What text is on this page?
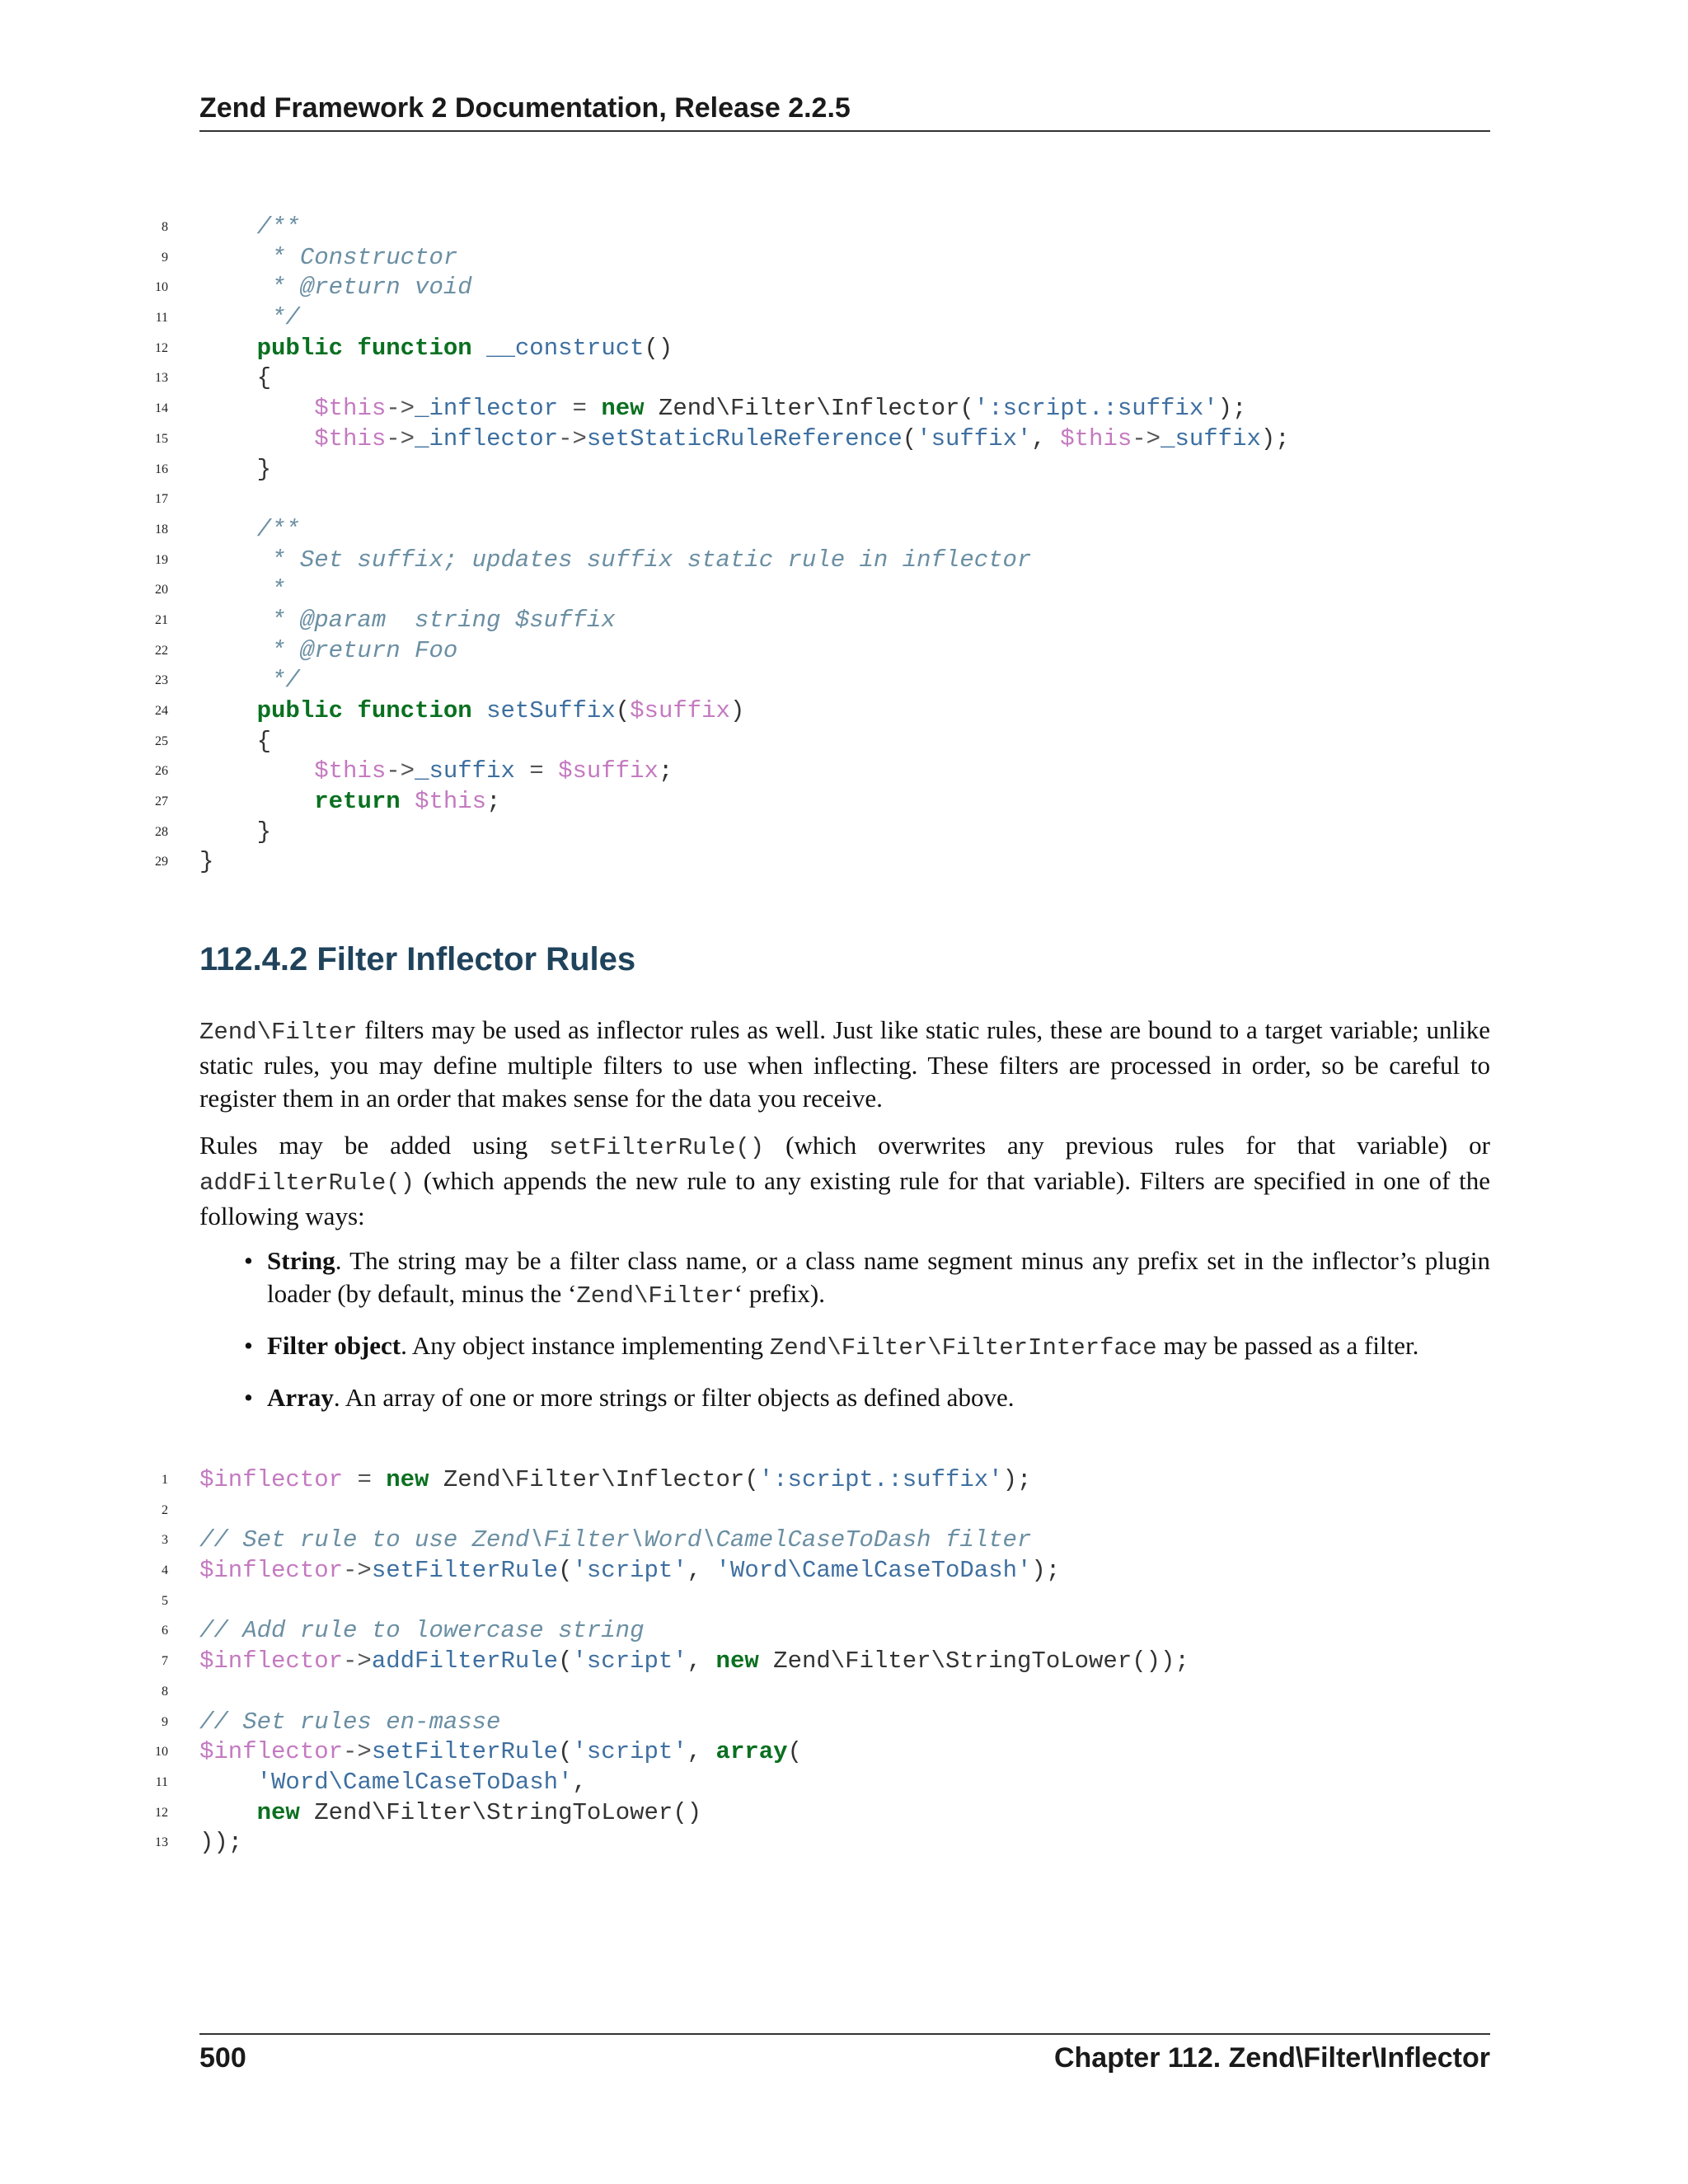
Zend Framework 2 Documentation, Release 2.2.5
8 /**
9 * Constructor
10 * @return void
11 */
12	public function __construct()
13 {
14	$this->_inflector = new Zend\Filter\Inflector(':script.:suffix');
15	$this->_inflector->setStaticRuleReference('suffix', $this->_suffix);
16 }
17
18 /**
19 * Set suffix; updates suffix static rule in inflector
20 *
21 * @param  string $suffix
22 * @return Foo
23 */
24	public function setSuffix($suffix)
25 {
26	$this->_suffix = $suffix;
27	return $this;
28 }
29 }
112.4.2 Filter Inflector Rules

Zend\Filter filters may be used as inflector rules as well. Just like static rules, these are bound to a target variable; unlike static rules, you may define multiple filters to use when inflecting. These filters are processed in order, so be careful to register them in an order that makes sense for the data you receive.

Rules may be added using setFilterRule() (which overwrites any previous rules for that variable) or addFilterRule() (which appends the new rule to any existing rule for that variable). Filters are specified in one of the following ways:

• String. The string may be a filter class name, or a class name segment minus any prefix set in the inflector’s plugin loader (by default, minus the ‘Zend\Filter‘ prefix).
• Filter object. Any object instance implementing Zend\Filter\FilterInterface may be passed as a filter.
• Array. An array of one or more strings or filter objects as defined above.
1 $inflector = new Zend\Filter\Inflector(':script.:suffix');
2
3 // Set rule to use Zend\Filter\Word\CamelCaseToDash filter
4 $inflector->setFilterRule('script', 'Word\CamelCaseToDash');
5
6 // Add rule to lowercase string
7 $inflector->addFilterRule('script', new Zend\Filter\StringToLower());
8
9 // Set rules en-masse
10 $inflector->setFilterRule('script', array(
11	'Word\CamelCaseToDash',
12	new Zend\Filter\StringToLower()
13 ));
500	Chapter 112. Zend\Filter\Inflector
